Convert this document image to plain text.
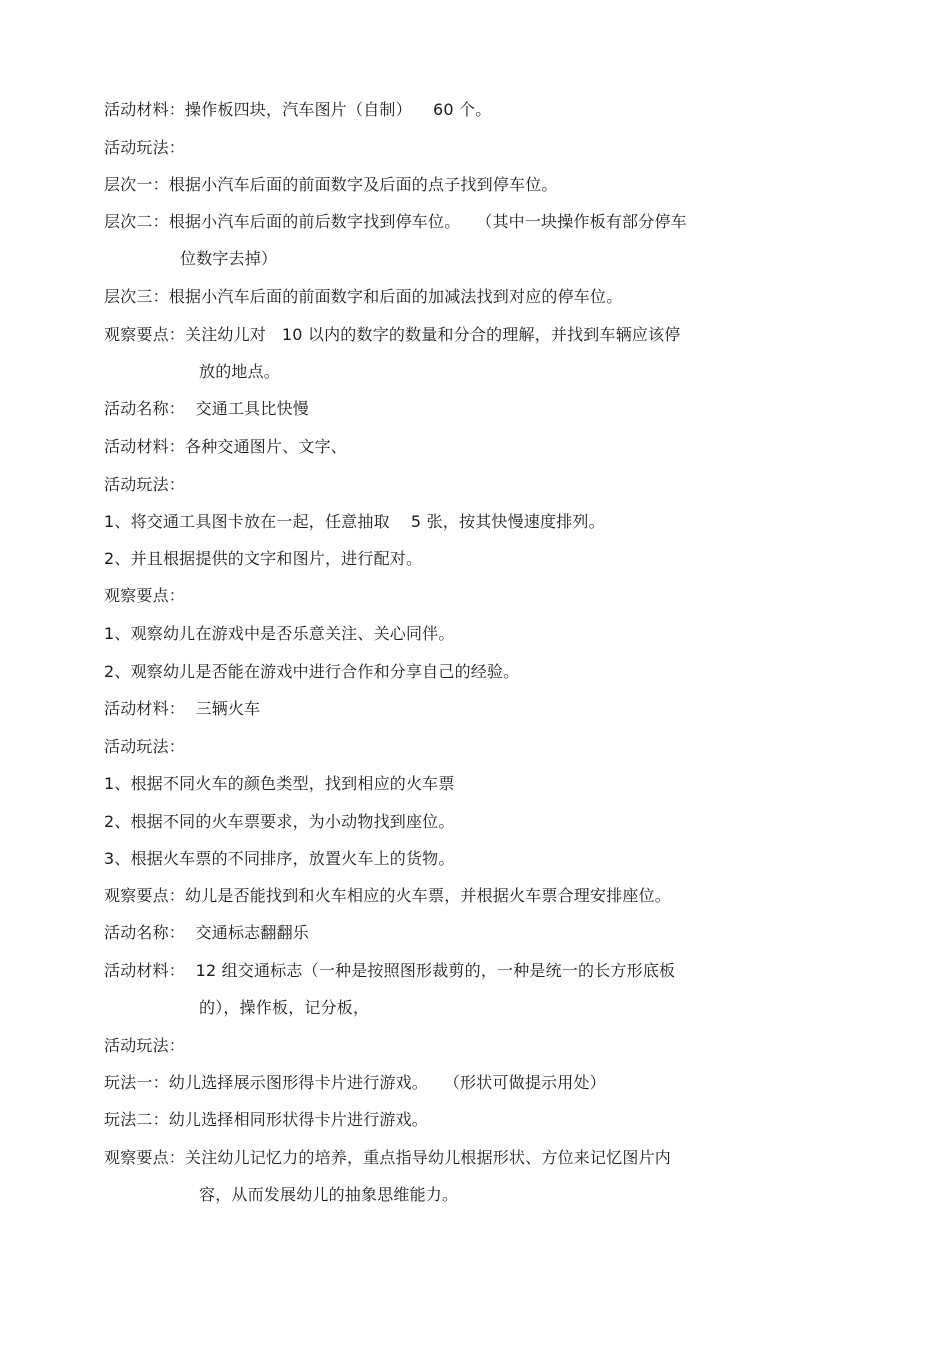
活动材料：操作板四块，汽车图片（自制）    60 个。
活动玩法：
层次一：根据小汽车后面的前面数字及后面的点子找到停车位。
层次二：根据小汽车后面的前后数字找到停车位。   （其中一块操作板有部分停车
位数字去掉）
层次三：根据小汽车后面的前面数字和后面的加减法找到对应的停车位。
观察要点：关注幼儿对   10 以内的数字的数量和分合的理解，并找到车辆应该停
放的地点。
活动名称：  交通工具比快慢
活动材料：各种交通图片、文字、
活动玩法：
1、将交通工具图卡放在一起，任意抽取    5 张，按其快慢速度排列。
2、并且根据提供的文字和图片，进行配对。
观察要点：
1、观察幼儿在游戏中是否乐意关注、关心同伴。
2、观察幼儿是否能在游戏中进行合作和分享自己的经验。
活动材料：  三辆火车
活动玩法：
1、根据不同火车的颜色类型，找到相应的火车票
2、根据不同的火车票要求，为小动物找到座位。
3、根据火车票的不同排序，放置火车上的货物。
观察要点：幼儿是否能找到和火车相应的火车票，并根据火车票合理安排座位。
活动名称：  交通标志翻翻乐
活动材料：  12 组交通标志（一种是按照图形裁剪的，一种是统一的长方形底板
的），操作板，记分板，
活动玩法：
玩法一：幼儿选择展示图形得卡片进行游戏。   （形状可做提示用处）
玩法二：幼儿选择相同形状得卡片进行游戏。
观察要点：关注幼儿记忆力的培养，重点指导幼儿根据形状、方位来记忆图片内
容，从而发展幼儿的抽象思维能力。
